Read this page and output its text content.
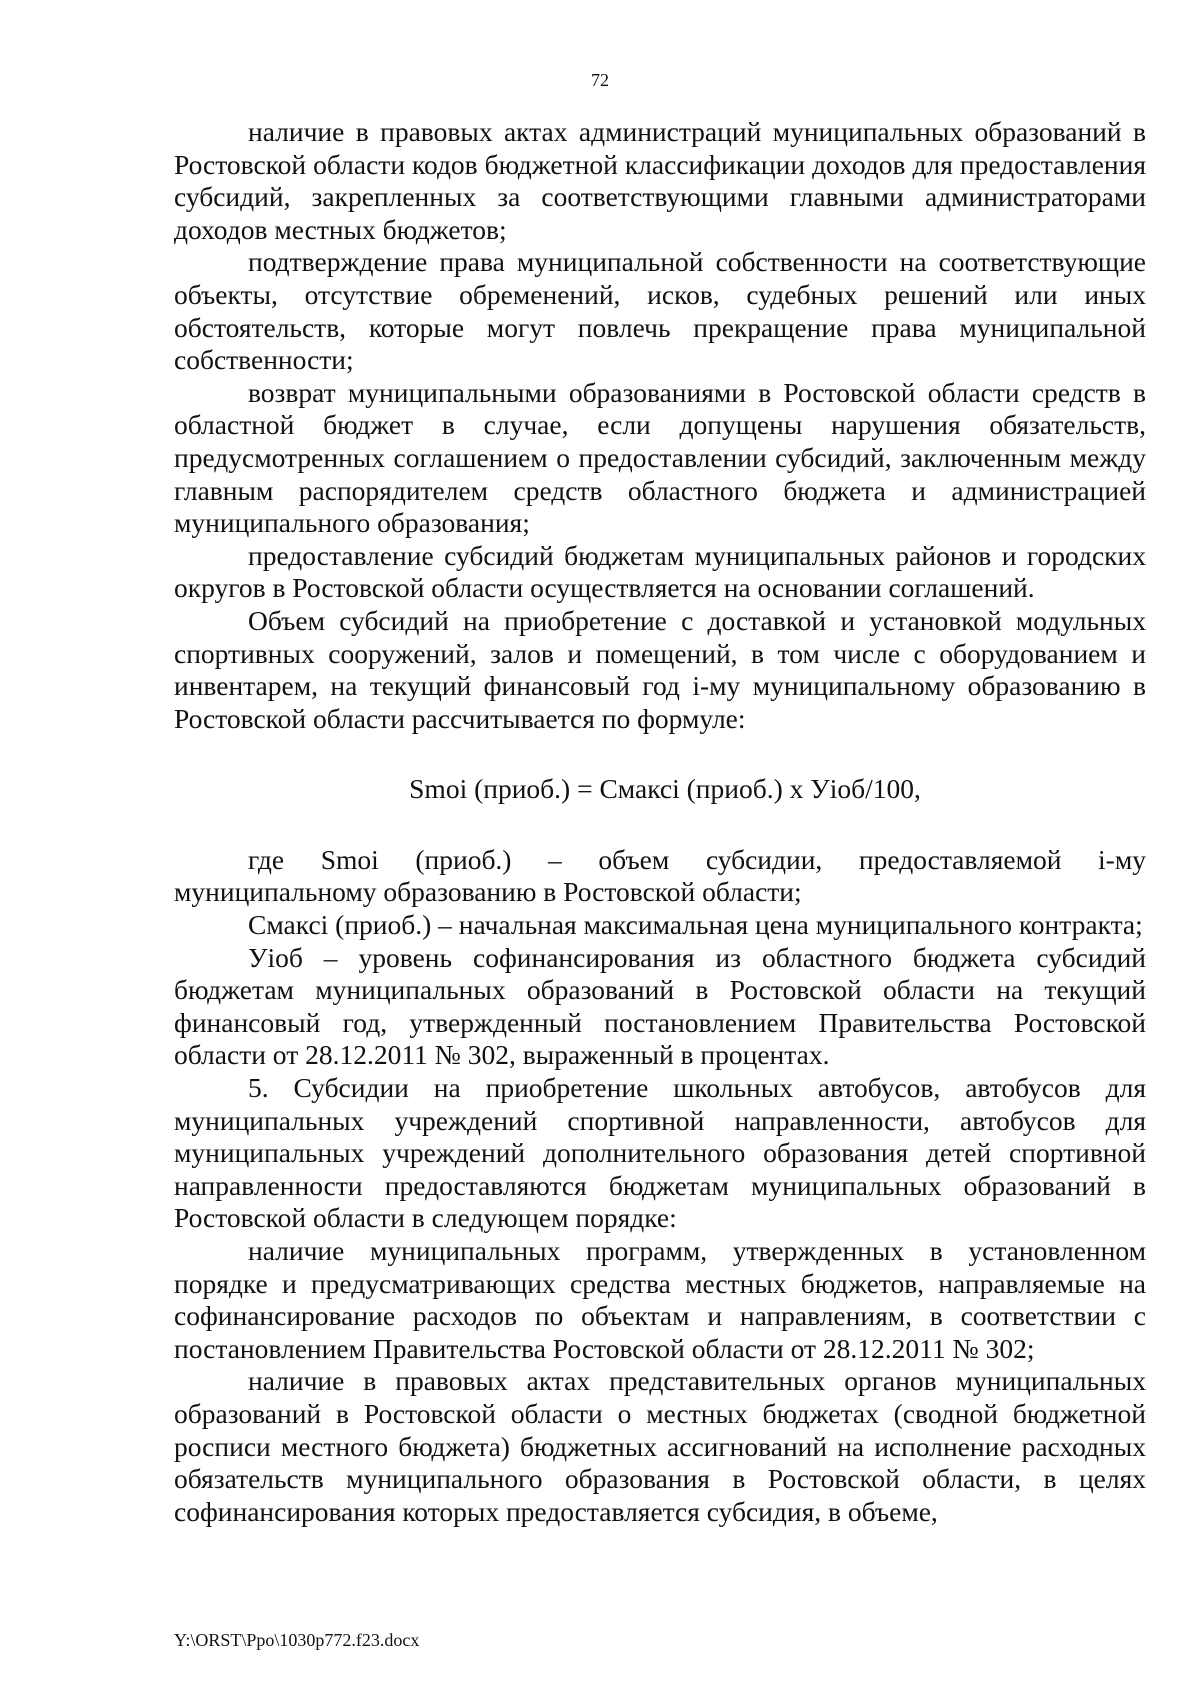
72

наличие в правовых актах администраций муниципальных образований в Ростовской области кодов бюджетной классификации доходов для предоставления субсидий, закрепленных за соответствующими главными администраторами доходов местных бюджетов;

подтверждение права муниципальной собственности на соответствующие объекты, отсутствие обременений, исков, судебных решений или иных обстоятельств, которые могут повлечь прекращение права муниципальной собственности;

возврат муниципальными образованиями в Ростовской области средств в областной бюджет в случае, если допущены нарушения обязательств, предусмотренных соглашением о предоставлении субсидий, заключенным между главным распорядителем средств областного бюджета и администрацией муниципального образования;

предоставление субсидий бюджетам муниципальных районов и городских округов в Ростовской области осуществляется на основании соглашений.

Объем субсидий на приобретение с доставкой и установкой модульных спортивных сооружений, залов и помещений, в том числе с оборудованием и инвентарем, на текущий финансовый год i-му муниципальному образованию в Ростовской области рассчитывается по формуле:

Smoi (приоб.) = Смаксi (приоб.) х Уiоб/100,

где Smoi (приоб.) – объем субсидии, предоставляемой i-му муниципальному образованию в Ростовской области;

Смаксi (приоб.) – начальная максимальная цена муниципального контракта;

Уiоб – уровень софинансирования из областного бюджета субсидий бюджетам муниципальных образований в Ростовской области на текущий финансовый год, утвержденный постановлением Правительства Ростовской области от 28.12.2011 № 302, выраженный в процентах.

5. Субсидии на приобретение школьных автобусов, автобусов для муниципальных учреждений спортивной направленности, автобусов для муниципальных учреждений дополнительного образования детей спортивной направленности предоставляются бюджетам муниципальных образований в Ростовской области в следующем порядке:

наличие муниципальных программ, утвержденных в установленном порядке и предусматривающих средства местных бюджетов, направляемые на софинансирование расходов по объектам и направлениям, в соответствии с постановлением Правительства Ростовской области от 28.12.2011 № 302;

наличие в правовых актах представительных органов муниципальных образований в Ростовской области о местных бюджетах (сводной бюджетной росписи местного бюджета) бюджетных ассигнований на исполнение расходных обязательств муниципального образования в Ростовской области, в целях софинансирования которых предоставляется субсидия, в объеме,

Y:\ORST\Ppo\1030p772.f23.docx
